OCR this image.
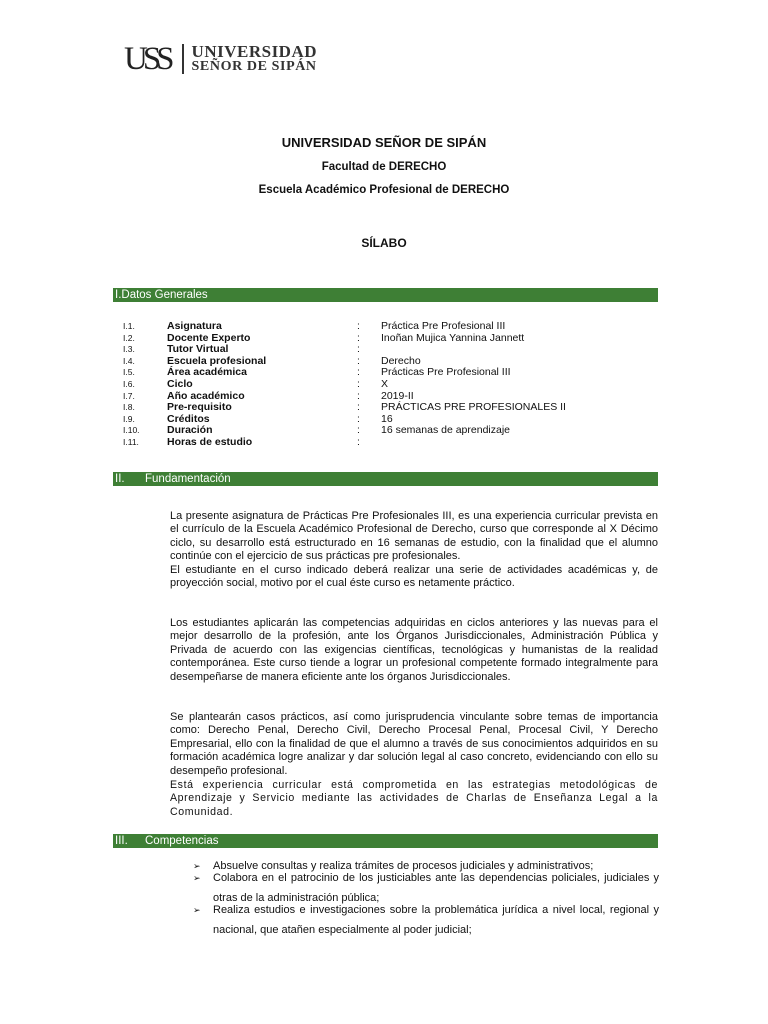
USS UNIVERSIDAD
SEÑOR DE SIPÁN
UNIVERSIDAD SEÑOR DE SIPÁN
Facultad de DERECHO
Escuela Académico Profesional de DERECHO
SÍLABO
I.Datos Generales
I.1.	Asignatura	:	Práctica Pre Profesional III
I.2.	Docente Experto	:	Inoñan Mujica Yannina Jannett
I.3.	Tutor Virtual	:
I.4.	Escuela profesional	:	Derecho
I.5.	Área académica	:	Prácticas Pre Profesional III
I.6.	Ciclo	:	X
I.7.	Año académico	:	2019-II
I.8.	Pre-requisito	:	PRÁCTICAS PRE PROFESIONALES II
I.9.	Créditos	:	16
I.10.	Duración	:	16 semanas de aprendizaje
I.11.	Horas de estudio	:
II. Fundamentación
La presente asignatura de Prácticas Pre Profesionales III, es una experiencia curricular prevista en el currículo de la Escuela Académico Profesional de Derecho, curso que corresponde al X Décimo ciclo, su desarrollo está estructurado en 16 semanas de estudio, con la finalidad que el alumno continúe con el ejercicio de sus prácticas pre profesionales.
El estudiante en el curso indicado deberá realizar una serie de actividades académicas y, de proyección social, motivo por el cual éste curso es netamente práctico.

Los estudiantes aplicarán las competencias adquiridas en ciclos anteriores y las nuevas para el mejor desarrollo de la profesión, ante los Órganos Jurisdiccionales, Administración Pública y Privada de acuerdo con las exigencias científicas, tecnológicas y humanistas de la realidad contemporánea. Este curso tiende a lograr un profesional competente formado integralmente para desempeñarse de manera eficiente ante los órganos Jurisdiccionales.

Se plantearán casos prácticos, así como jurisprudencia vinculante sobre temas de importancia como: Derecho Penal, Derecho Civil, Derecho Procesal Penal, Procesal Civil, Y Derecho Empresarial, ello con la finalidad de que el alumno a través de sus conocimientos adquiridos en su formación académica logre analizar y dar solución legal al caso concreto, evidenciando con ello su desempeño profesional.

Está experiencia curricular está comprometida en las estrategias metodológicas de Aprendizaje y Servicio mediante las actividades de Charlas de Enseñanza Legal a la Comunidad.

III. Competencias
➢ Absuelve consultas y realiza trámites de procesos judiciales y administrativos;
➢ Colabora en el patrocinio de los justiciables ante las dependencias policiales, judiciales y otras de la administración pública;
➢ Realiza estudios e investigaciones sobre la problemática jurídica a nivel local, regional y nacional, que atañen especialmente al poder judicial;
